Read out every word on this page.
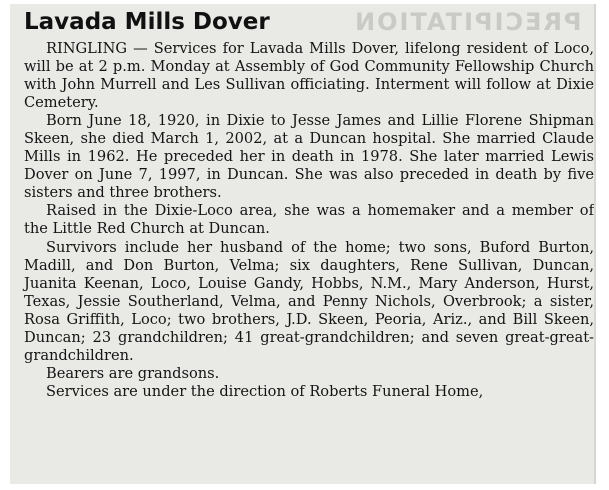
PRECIPITATION
Lavada Mills Dover

RINGLING — Services for Lavada Mills Dover, lifelong resident of Loco, will be at 2 p.m. Monday at Assembly of God Community Fellowship Church with John Murrell and Les Sullivan officiating. Interment will follow at Dixie Cemetery.

Born June 18, 1920, in Dixie to Jesse James and Lillie Florene Shipman Skeen, she died March 1, 2002, at a Duncan hospital. She married Claude Mills in 1962. He preceded her in death in 1978. She later married Lewis Dover on June 7, 1997, in Duncan. She was also preceded in death by five sisters and three brothers.

Raised in the Dixie-Loco area, she was a homemaker and a member of the Little Red Church at Duncan.

Survivors include her husband of the home; two sons, Buford Burton, Madill, and Don Burton, Velma; six daughters, Rene Sullivan, Duncan, Juanita Keenan, Loco, Louise Gandy, Hobbs, N.M., Mary Anderson, Hurst, Texas, Jessie Southerland, Velma, and Penny Nichols, Overbrook; a sister, Rosa Griffith, Loco; two brothers, J.D. Skeen, Peoria, Ariz., and Bill Skeen, Duncan; 23 grandchildren; 41 great-grandchildren; and seven great-great-grandchildren.

Bearers are grandsons.

Services are under the direction of Roberts Funeral Home,
